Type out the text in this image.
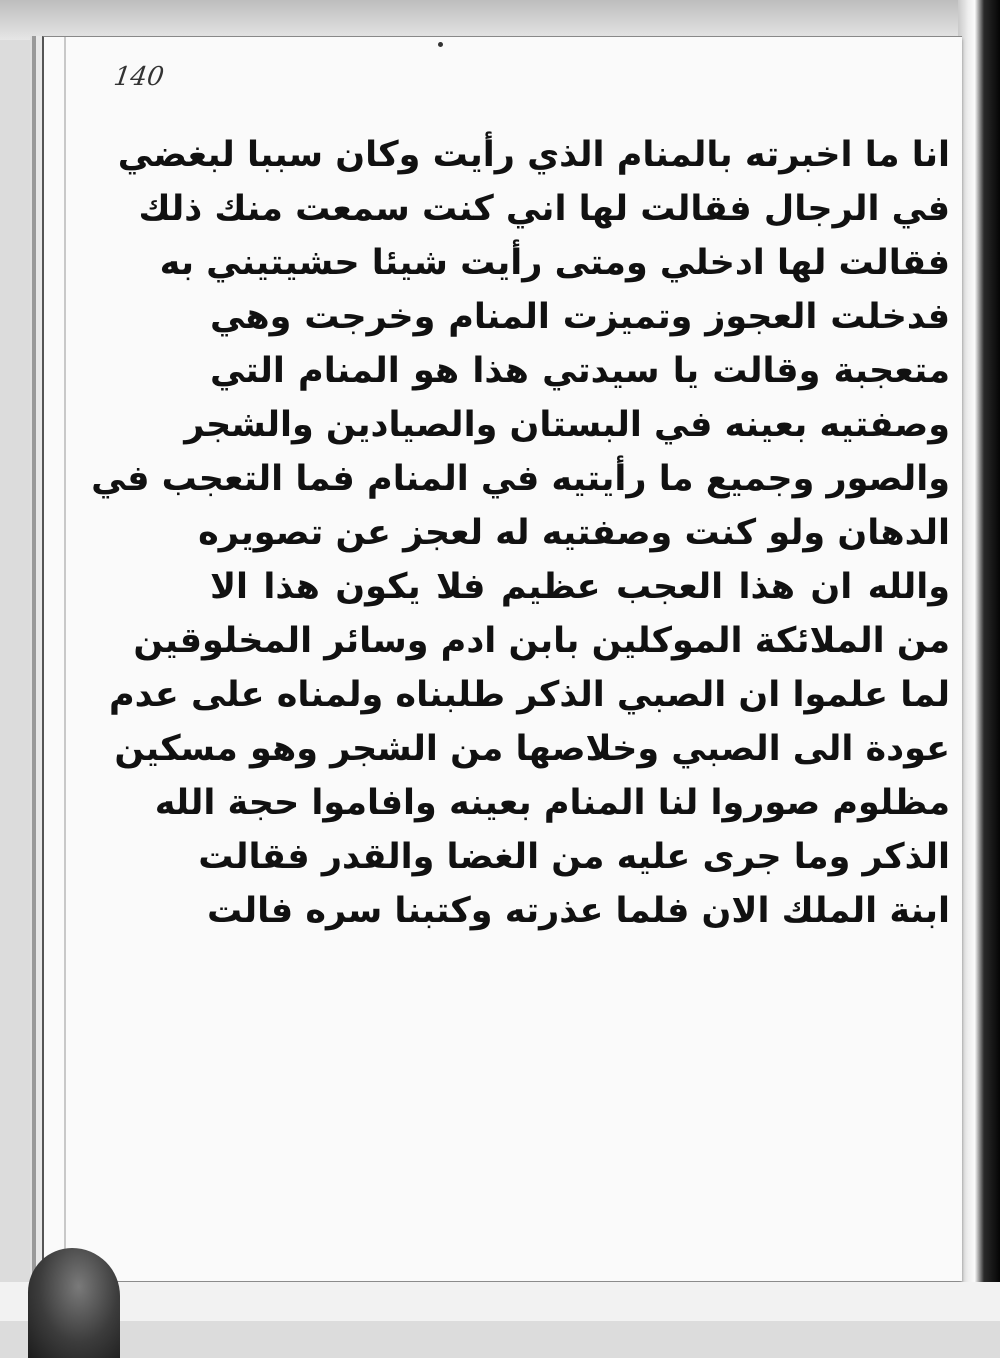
140
انا ما اخبرته بالمنام الذي رأيت وكان سببا لبغضي
في الرجال فقالت لها اني كنت سمعت منك ذلك
فقالت لها ادخلي ومتى رأيت شيئا حشيتيني به
فدخلت العجوز وتميزت المنام وخرجت وهي
متعجبة وقالت يا سيدتي هذا هو المنام التي
وصفتيه بعينه في البستان والصيادين والشجر
والصور وجميع ما رأيتيه في المنام فما التعجب في
الدهان ولو كنت وصفتيه له لعجز عن تصويره
والله ان هذا العجب عظيم فلا يكون هذا الا
من الملائكة الموكلين بابن ادم وسائر المخلوقين
لما علموا ان الصبي الذكر طلبناه ولمناه على عدم
عودة الى الصبي وخلاصها من الشجر وهو مسكين
مظلوم صوروا لنا المنام بعينه وافاموا حجة الله
الذكر وما جرى عليه من الغضا والقدر فقالت
ابنة الملك الان فلما عذرته وكتبنا سره فالت
